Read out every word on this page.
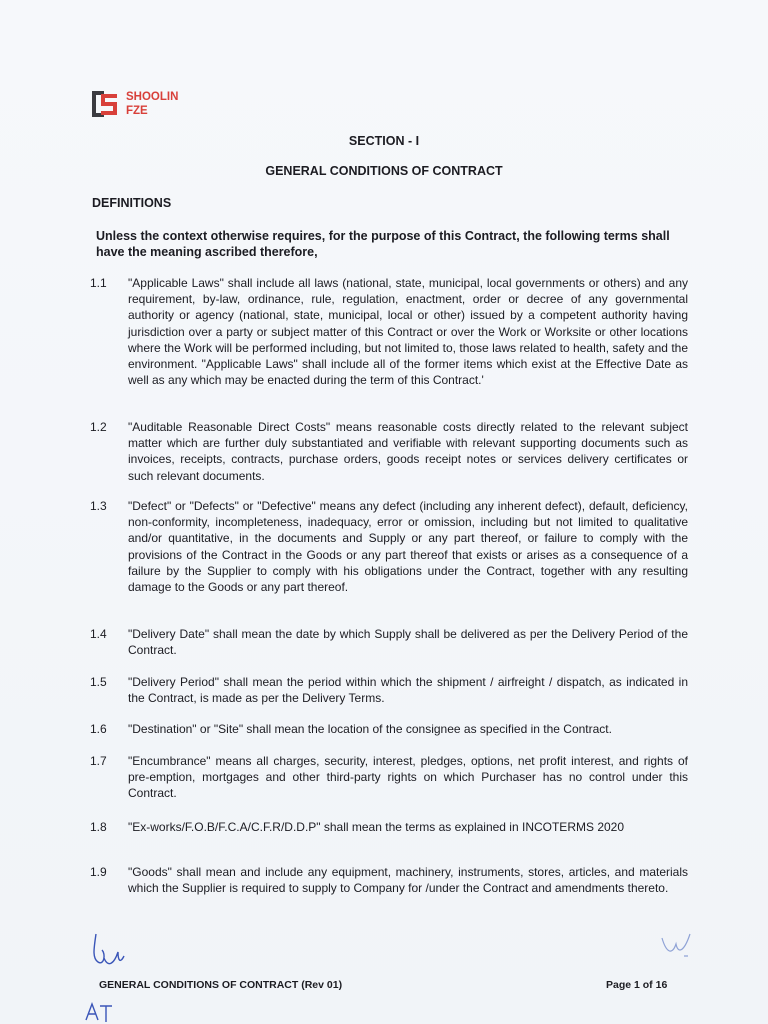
SHOOLIN
FZE
SECTION - I
GENERAL CONDITIONS OF CONTRACT
DEFINITIONS
Unless the context otherwise requires, for the purpose of this Contract, the following terms shall have the meaning ascribed therefore,
1.1	"Applicable Laws" shall include all laws (national, state, municipal, local governments or others) and any requirement, by-law, ordinance, rule, regulation, enactment, order or decree of any governmental authority or agency (national, state, municipal, local or other) issued by a competent authority having jurisdiction over a party or subject matter of this Contract or over the Work or Worksite or other locations where the Work will be performed including, but not limited to, those laws related to health, safety and the environment. "Applicable Laws" shall include all of the former items which exist at the Effective Date as well as any which may be enacted during the term of this Contract.'
1.2	"Auditable Reasonable Direct Costs" means reasonable costs directly related to the relevant subject matter which are further duly substantiated and verifiable with relevant supporting documents such as invoices, receipts, contracts, purchase orders, goods receipt notes or services delivery certificates or such relevant documents.
1.3	"Defect" or "Defects" or "Defective" means any defect (including any inherent defect), default, deficiency, non-conformity, incompleteness, inadequacy, error or omission, including but not limited to qualitative and/or quantitative, in the documents and Supply or any part thereof, or failure to comply with the provisions of the Contract in the Goods or any part thereof that exists or arises as a consequence of a failure by the Supplier to comply with his obligations under the Contract, together with any resulting damage to the Goods or any part thereof.
1.4	"Delivery Date" shall mean the date by which Supply shall be delivered as per the Delivery Period of the Contract.
1.5	"Delivery Period" shall mean the period within which the shipment / airfreight / dispatch, as indicated in the Contract, is made as per the Delivery Terms.
1.6	"Destination" or "Site" shall mean the location of the consignee as specified in the Contract.
1.7	"Encumbrance" means all charges, security, interest, pledges, options, net profit interest, and rights of pre-emption, mortgages and other third-party rights on which Purchaser has no control under this Contract.
1.8	"Ex-works/F.O.B/F.C.A/C.F.R/D.D.P" shall mean the terms as explained in INCOTERMS 2020
1.9	"Goods" shall mean and include any equipment, machinery, instruments, stores, articles, and materials which the Supplier is required to supply to Company for /under the Contract and amendments thereto.
GENERAL CONDITIONS OF CONTRACT (Rev 01)	Page 1 of 16
